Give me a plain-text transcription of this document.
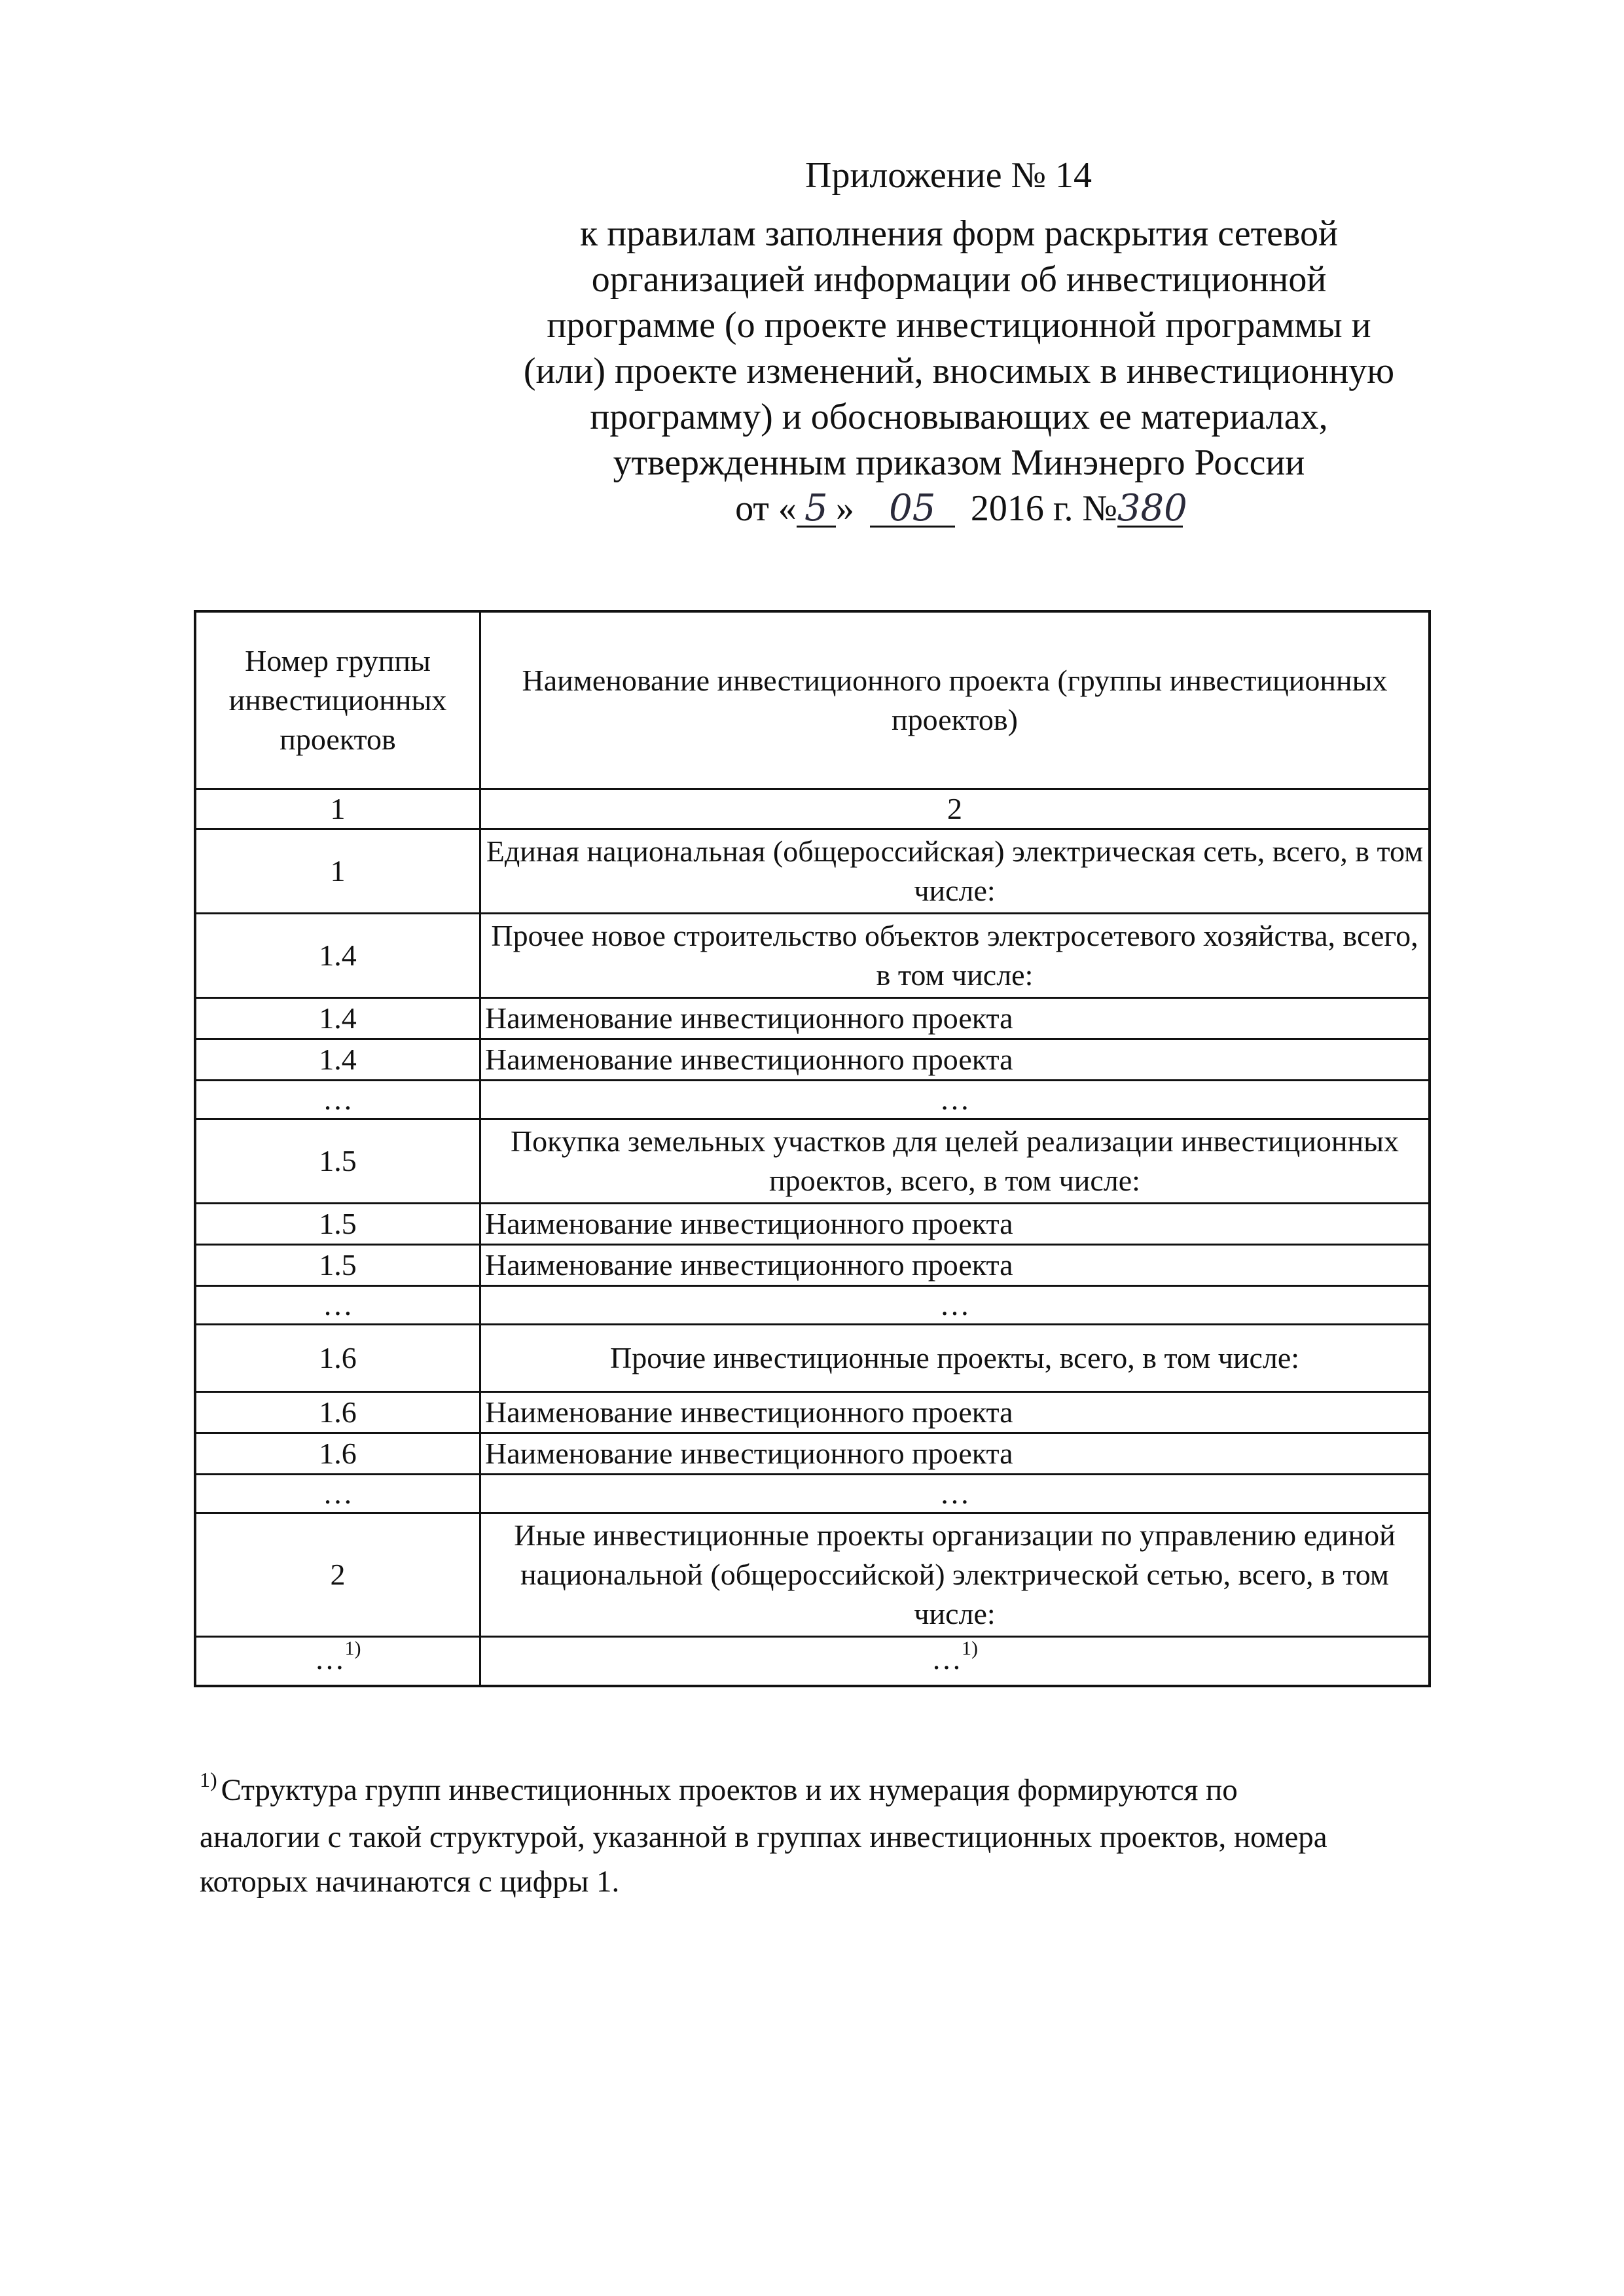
Приложение № 14
к правилам заполнения форм раскрытия сетевой
организацией информации об инвестиционной
программе (о проекте инвестиционной программы и
(или) проекте изменений, вносимых в инвестиционную
программу) и обосновывающих ее материалах,
утвержденным приказом Минэнерго России
от « 5 » 05 2016 г. №380
Номер группы инвестиционных проектов	Наименование инвестиционного проекта (группы инвестиционных проектов)
1	2
1	Единая национальная (общероссийская) электрическая сеть, всего, в том числе:
1.4	Прочее новое строительство объектов электросетевого хозяйства, всего, в том числе:
1.4	Наименование инвестиционного проекта
1.4	Наименование инвестиционного проекта
…	…
1.5	Покупка земельных участков для целей реализации инвестиционных проектов, всего, в том числе:
1.5	Наименование инвестиционного проекта
1.5	Наименование инвестиционного проекта
…	…
1.6	Прочие инвестиционные проекты, всего, в том числе:
1.6	Наименование инвестиционного проекта
1.6	Наименование инвестиционного проекта
…	…
2	Иные инвестиционные проекты организации по управлению единой национальной (общероссийской) электрической сетью, всего, в том числе:
…$^{1)}$	…$^{1)}$
$^{1)}$ Структура групп инвестиционных проектов и их нумерация формируются по
аналогии с такой структурой, указанной в группах инвестиционных проектов, номера
которых начинаются с цифры 1.
